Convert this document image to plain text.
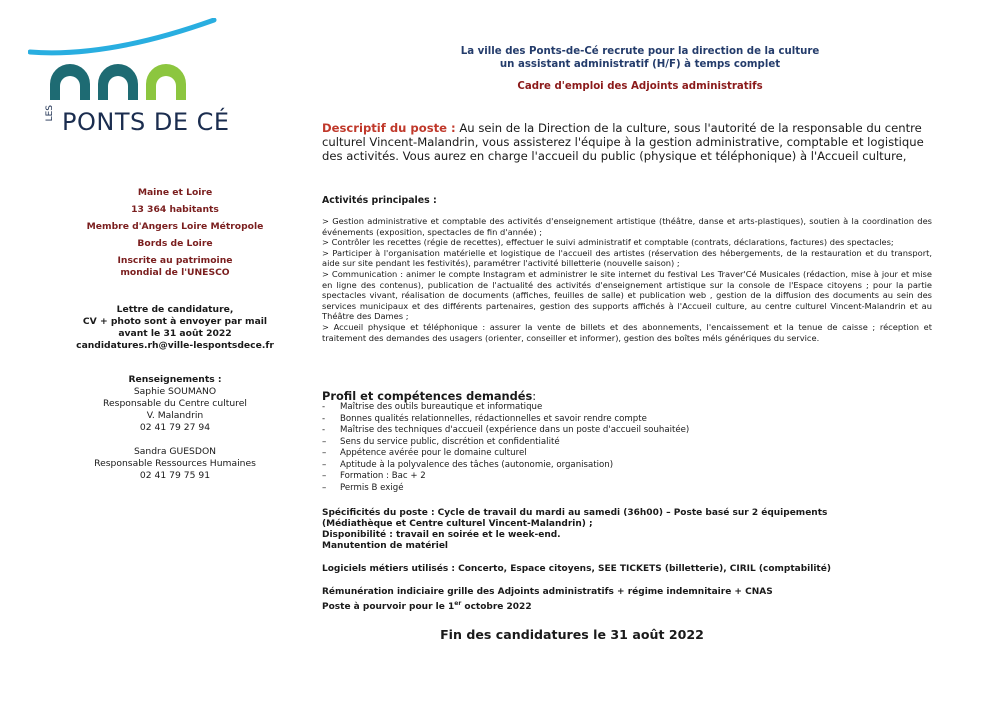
LES PONTS DE CÉ
Maine et Loire
13 364 habitants
Membre d'Angers Loire Métropole
Bords de Loire
Inscrite au patrimoine
mondial de l'UNESCO
Lettre de candidature,
CV + photo sont à envoyer par mail
avant le 31 août 2022
candidatures.rh@ville-lespontsdece.fr
Renseignements :
Saphie SOUMANO
Responsable du Centre culturel
V. Malandrin
02 41 79 27 94
Sandra GUESDON
Responsable Ressources Humaines
02 41 79 75 91
La ville des Ponts-de-Cé recrute pour la direction de la culture
un assistant administratif (H/F) à temps complet
Cadre d'emploi des Adjoints administratifs
Descriptif du poste : Au sein de la Direction de la culture, sous l'autorité de la responsable du centre culturel Vincent-Malandrin, vous assisterez l'équipe à la gestion administrative, comptable et logistique des activités. Vous aurez en charge l'accueil du public (physique et téléphonique) à l'Accueil culture,
Activités principales :

> Gestion administrative et comptable des activités d'enseignement artistique (théâtre, danse et arts-plastiques), soutien à la coordination des événements (exposition, spectacles de fin d'année) ;

> Contrôler les recettes (régie de recettes), effectuer le suivi administratif et comptable (contrats, déclarations, factures) des spectacles;

> Participer à l'organisation matérielle et logistique de l'accueil des artistes (réservation des hébergements, de la restauration et du transport, aide sur site pendant les festivités), paramétrer l'activité billetterie (nouvelle saison) ;

> Communication : animer le compte Instagram et administrer le site internet du festival Les Traver'Cé Musicales (rédaction, mise à jour et mise en ligne des contenus), publication de l'actualité des activités d'enseignement artistique sur la console de l'Espace citoyens ; pour la partie spectacles vivant, réalisation de documents (affiches, feuilles de salle) et publication web , gestion de la diffusion des documents au sein des services municipaux et des différents partenaires, gestion des supports affichés à l'Accueil culture, au centre culturel Vincent-Malandrin et au Théâtre des Dames ;

> Accueil physique et téléphonique : assurer la vente de billets et des abonnements, l'encaissement et la tenue de caisse ; réception et traitement des demandes des usagers (orienter, conseiller et informer), gestion des boîtes méls génériques du service.

Profil et compétences demandés:
-	Maîtrise des outils bureautique et informatique
-	Bonnes qualités relationnelles, rédactionnelles et savoir rendre compte
-	Maîtrise des techniques d'accueil (expérience dans un poste d'accueil souhaitée)
–	Sens du service public, discrétion et confidentialité
–	Appétence avérée pour le domaine culturel
–	Aptitude à la polyvalence des tâches (autonomie, organisation)
–	Formation : Bac + 2
–	Permis B exigé

Spécificités du poste : Cycle de travail du mardi au samedi (36h00) – Poste basé sur 2 équipements

(Médiathèque et Centre culturel Vincent-Malandrin) ;

Disponibilité : travail en soirée et le week-end.

Manutention de matériel

Logiciels métiers utilisés : Concerto, Espace citoyens, SEE TICKETS (billetterie), CIRIL (comptabilité)

Rémunération indiciaire grille des Adjoints administratifs + régime indemnitaire + CNAS

Poste à pourvoir pour le 1er octobre 2022

Fin des candidatures le 31 août 2022
